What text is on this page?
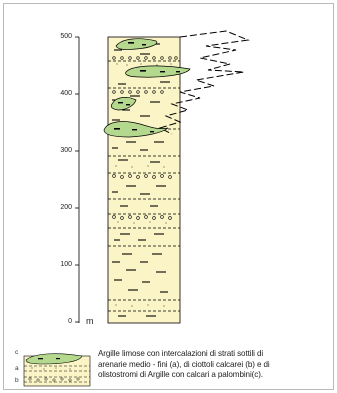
500
400
300
200
100
0 m
c
a
b
Argille limose con intercalazioni di strati sottili di
arenarie medio - fini (a), di ciottoli calcarei (b) e di
olistostromi di Argille con calcari a palombini(c).
